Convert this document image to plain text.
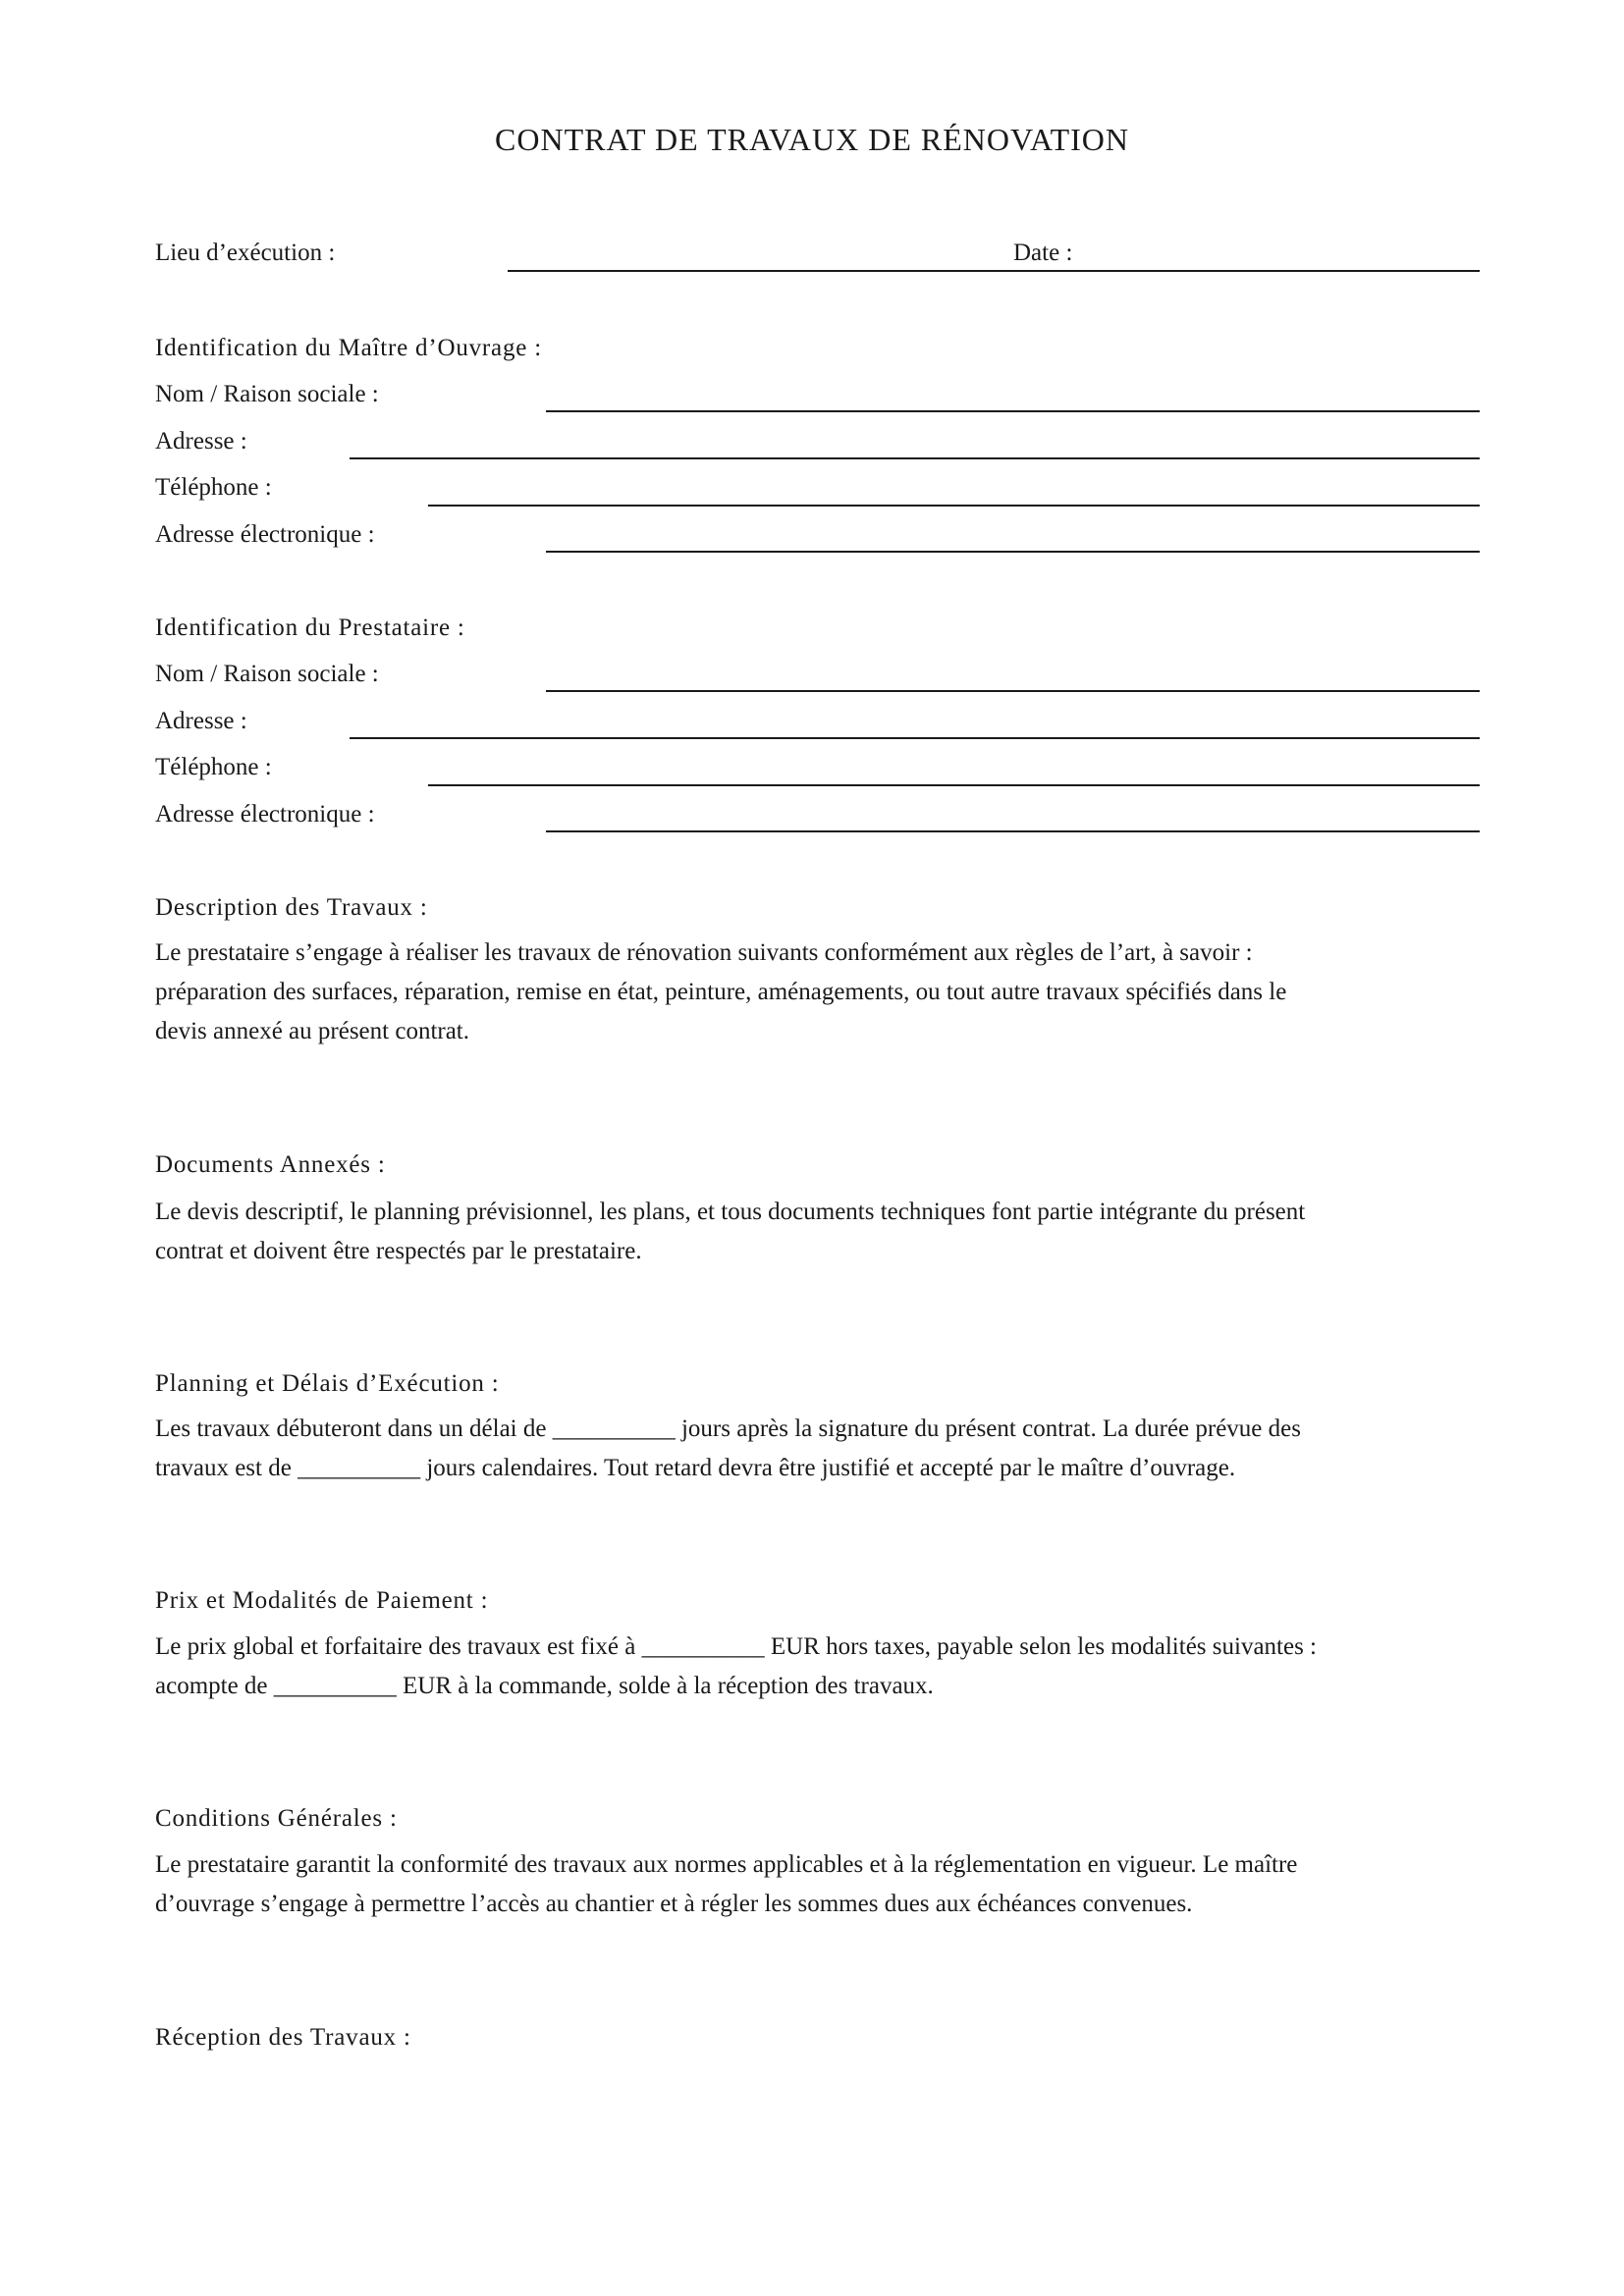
CONTRAT DE TRAVAUX DE RÉNOVATION
Lieu d’exécution :	Date :
Identification du Maître d’Ouvrage :
Nom / Raison sociale :
Adresse :
Téléphone :
Adresse électronique :
Identification du Prestataire :
Nom / Raison sociale :
Adresse :
Téléphone :
Adresse électronique :
Description des Travaux :
Le prestataire s’engage à réaliser les travaux de rénovation suivants conformément aux règles de l’art, à savoir :
préparation des surfaces, réparation, remise en état, peinture, aménagements, ou tout autre travaux spécifiés dans le
devis annexé au présent contrat.
Documents Annexés :
Le devis descriptif, le planning prévisionnel, les plans, et tous documents techniques font partie intégrante du présent
contrat et doivent être respectés par le prestataire.
Planning et Délais d’Exécution :
Les travaux débuteront dans un délai de __________ jours après la signature du présent contrat. La durée prévue des
travaux est de __________ jours calendaires. Tout retard devra être justifié et accepté par le maître d’ouvrage.
Prix et Modalités de Paiement :
Le prix global et forfaitaire des travaux est fixé à __________ EUR hors taxes, payable selon les modalités suivantes :
acompte de __________ EUR à la commande, solde à la réception des travaux.
Conditions Générales :
Le prestataire garantit la conformité des travaux aux normes applicables et à la réglementation en vigueur. Le maître
d’ouvrage s’engage à permettre l’accès au chantier et à régler les sommes dues aux échéances convenues.
Réception des Travaux :
